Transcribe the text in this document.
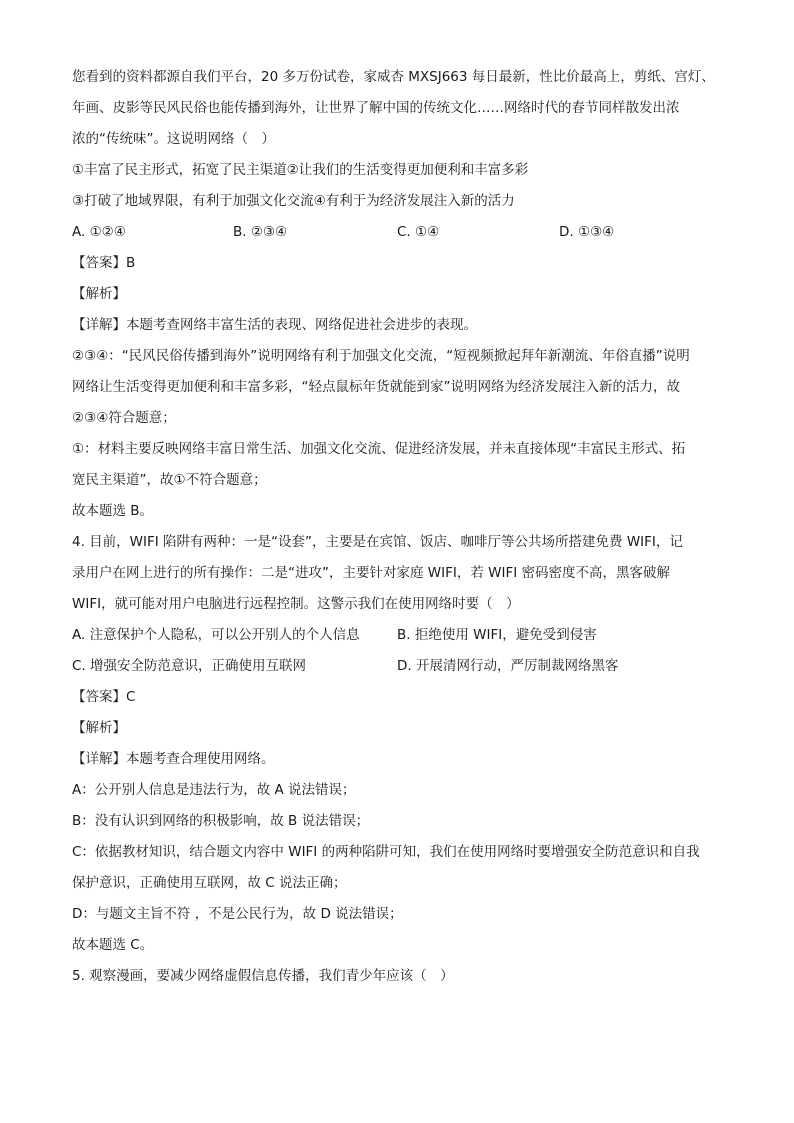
您看到的资料都源自我们平台，20 多万份试卷，家威杏 MXSJ663 每日最新，性比价最高上，剪纸、宫灯、
年画、皮影等民风民俗也能传播到海外，让世界了解中国的传统文化……网络时代的春节同样散发出浓
浓的“传统味”。这说明网络（　）
①丰富了民主形式，拓宽了民主渠道②让我们的生活变得更加便利和丰富多彩
③打破了地域界限，有利于加强文化交流④有利于为经济发展注入新的活力
A. ①②④	B. ②③④	C. ①④	D. ①③④
【答案】B
【解析】
【详解】本题考查网络丰富生活的表现、网络促进社会进步的表现。
②③④：“民风民俗传播到海外”说明网络有利于加强文化交流，“短视频掀起拜年新潮流、年俗直播”说明
网络让生活变得更加便利和丰富多彩，“轻点鼠标年货就能到家”说明网络为经济发展注入新的活力，故
②③④符合题意；
①：材料主要反映网络丰富日常生活、加强文化交流、促进经济发展，并未直接体现“丰富民主形式、拓
宽民主渠道”，故①不符合题意；
故本题选 B。
4. 目前，WIFI 陷阱有两种：一是“设套”，主要是在宾馆、饭店、咖啡厅等公共场所搭建免费 WIFI，记
录用户在网上进行的所有操作：二是“进攻”，主要针对家庭 WIFI，若 WIFI 密码密度不高，黑客破解
WIFI，就可能对用户电脑进行远程控制。这警示我们在使用网络时要（　）
A. 注意保护个人隐私，可以公开别人的个人信息	B. 拒绝使用 WIFI，避免受到侵害
C. 增强安全防范意识，正确使用互联网	D. 开展清网行动，严厉制裁网络黑客
【答案】C
【解析】
【详解】本题考查合理使用网络。
A：公开别人信息是违法行为，故 A 说法错误；
B：没有认识到网络的积极影响，故 B 说法错误；
C：依据教材知识，结合题文内容中 WIFI 的两种陷阱可知，我们在使用网络时要增强安全防范意识和自我
保护意识，正确使用互联网，故 C 说法正确；
D：与题文主旨不符 ，不是公民行为，故 D 说法错误；
故本题选 C。
5. 观察漫画，要减少网络虚假信息传播，我们青少年应该（　）
